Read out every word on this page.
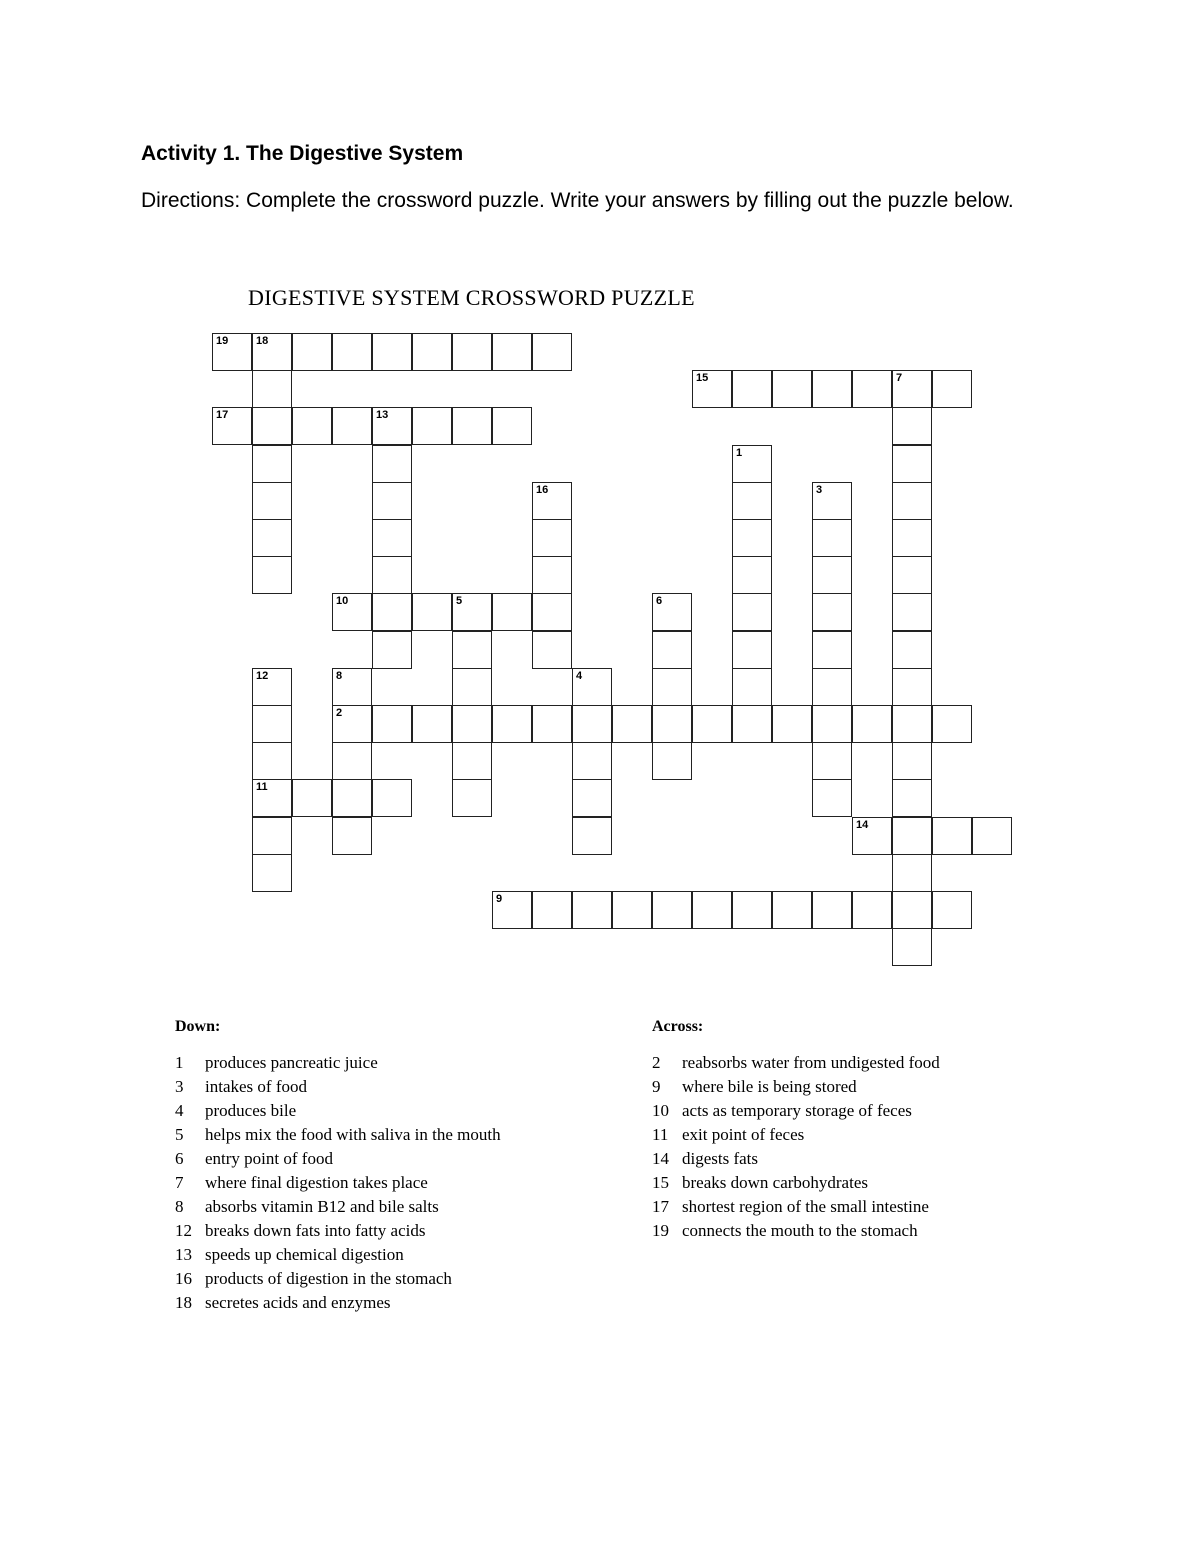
Activity 1. The Digestive System
Directions: Complete the crossword puzzle. Write your answers by filling out the puzzle below.
DIGESTIVE SYSTEM CROSSWORD PUZZLE
19	18
15	7
17	13
1
16	3
10	5	6
12
11
8
2
4
14
9
Down:
1	produces pancreatic juice
3	intakes of food
4	produces bile
5	helps mix the food with saliva in the mouth
6	entry point of food
7	where final digestion takes place
8	absorbs vitamin B12 and bile salts
12 breaks down fats into fatty acids
13 speeds up chemical digestion
16 products of digestion in the stomach
18 secretes acids and enzymes
Across:
2	reabsorbs water from undigested food
9	where bile is being stored
10 acts as temporary storage of feces
11 exit point of feces
14 digests fats
15 breaks down carbohydrates
17 shortest region of the small intestine
19 connects the mouth to the stomach
